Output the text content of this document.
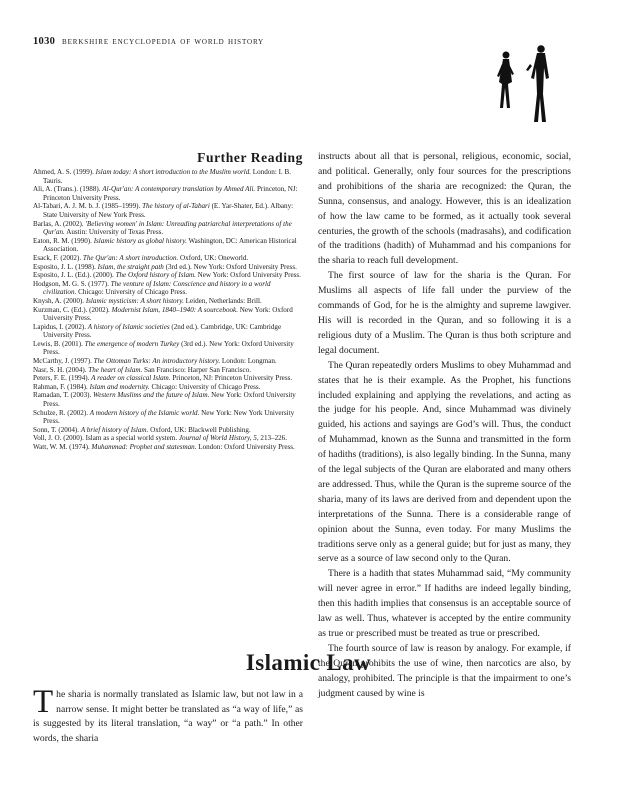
1030 berkshire encyclopedia of world history
Further Reading
Ahmed, A. S. (1999). Islam today: A short introduction to the Muslim world. London: I. B. Tauris.
Ali, A. (Trans.). (1988). Al-Qur'an: A contemporary translation by Ahmed Ali. Princeton, NJ: Princeton University Press.
Al-Tabari, A. J. M. b. J. (1985–1999). The history of al-Tabari (E. Yar-Shater, Ed.). Albany: State University of New York Press.
Barlas, A. (2002). 'Believing women' in Islam: Unreading patriarchal interpretations of the Qur'an. Austin: University of Texas Press.
Eaton, R. M. (1990). Islamic history as global history. Washington, DC: American Historical Association.
Esack, F. (2002). The Qur'an: A short introduction. Oxford, UK: Oneworld.
Esposito, J. L. (1998). Islam, the straight path (3rd ed.). New York: Oxford University Press.
Esposito, J. L. (Ed.). (2000). The Oxford history of Islam. New York: Oxford University Press.
Hodgson, M. G. S. (1977). The venture of Islam: Conscience and history in a world civilization. Chicago: University of Chicago Press.
Knysh, A. (2000). Islamic mysticism: A short history. Leiden, Netherlands: Brill.
Kurzman, C. (Ed.). (2002). Modernist Islam, 1840–1940: A sourcebook. New York: Oxford University Press.
Lapidus, I. (2002). A history of Islamic societies (2nd ed.). Cambridge, UK: Cambridge University Press.
Lewis, B. (2001). The emergence of modern Turkey (3rd ed.). New York: Oxford University Press.
McCarthy, J. (1997). The Ottoman Turks: An introductory history. London: Longman.
Nasr, S. H. (2004). The heart of Islam. San Francisco: Harper San Francisco.
Peters, F. E. (1994). A reader on classical Islam. Princeton, NJ: Princeton University Press.
Rahman, F. (1984). Islam and modernity. Chicago: University of Chicago Press.
Ramadan, T. (2003). Western Muslims and the future of Islam. New York: Oxford University Press.
Schulze, R. (2002). A modern history of the Islamic world. New York: New York University Press.
Sonn, T. (2004). A brief history of Islam. Oxford, UK: Blackwell Publishing.
Voll, J. O. (2000). Islam as a special world system. Journal of World History, 5, 213–226.
Watt, W. M. (1974). Muhammad: Prophet and statesman. London: Oxford University Press.
Islamic Law
The sharia is normally translated as Islamic law, but not law in a narrow sense. It might better be translated as “a way of life,” as is suggested by its literal translation, “a way” or “a path.” In other words, the sharia

instructs about all that is personal, religious, economic, social, and political. Generally, only four sources for the prescriptions and prohibitions of the sharia are recognized: the Quran, the Sunna, consensus, and analogy. However, this is an idealization of how the law came to be formed, as it actually took several centuries, the growth of the schools (madrasahs), and codification of the traditions (hadith) of Muhammad and his companions for the sharia to reach full development.

The first source of law for the sharia is the Quran. For Muslims all aspects of life fall under the purview of the commands of God, for he is the almighty and supreme lawgiver. His will is recorded in the Quran, and so following it is a religious duty of a Muslim. The Quran is thus both scripture and legal document.

The Quran repeatedly orders Muslims to obey Muhammad and states that he is their example. As the Prophet, his functions included explaining and applying the revelations, and acting as the judge for his people. And, since Muhammad was divinely guided, his actions and sayings are God’s will. Thus, the conduct of Muhammad, known as the Sunna and transmitted in the form of hadiths (traditions), is also legally binding. In the Sunna, many of the legal subjects of the Quran are elaborated and many others are addressed. Thus, while the Quran is the supreme source of the sharia, many of its laws are derived from and dependent upon the interpretations of the Sunna. There is a considerable range of opinion about the Sunna, even today. For many Muslims the traditions serve only as a general guide; but for just as many, they serve as a source of law second only to the Quran.

There is a hadith that states Muhammad said, “My community will never agree in error.” If hadiths are indeed legally binding, then this hadith implies that consensus is an acceptable source of law as well. Thus, whatever is accepted by the entire community as true or prescribed must be treated as true or prescribed.

The fourth source of law is reason by analogy. For example, if the Quran prohibits the use of wine, then narcotics are also, by analogy, prohibited. The principle is that the impairment to one’s judgment caused by wine is
